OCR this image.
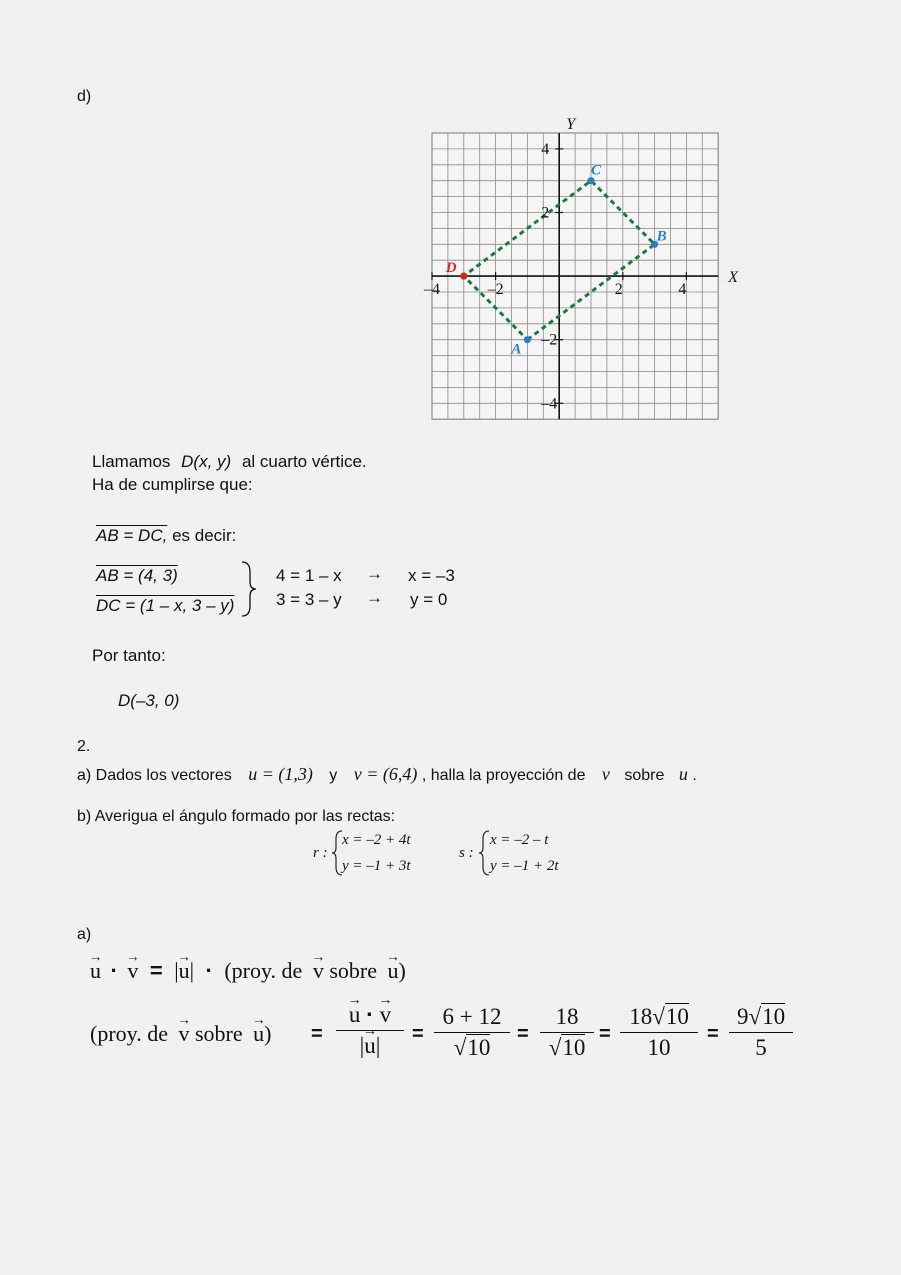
d)
X
Y
–4	–2	2	4
4
2
–2
–4
A
B
C
D
Llamamos D(x, y) al cuarto vértice.
Ha de cumplirse que:
AB = DC, es decir:
AB = (4, 3)
DC = (1 – x, 3 – y)
4 = 1 – x → x = –3
3 = 3 – y → y = 0
Por tanto:
D(–3, 0)
2.
a) Dados los vectores u = (1,3) y v = (6,4) , halla la proyección de v sobre u .
b) Averigua el ángulo formado por las rectas:
r :
x = –2 + 4t
y = –1 + 3t
s :
x = –2 – t
y = –1 + 2t
a)
→ u · → v = → |u| · (proy. de → v sobre → u)
(proy. de → v sobre → u) =
→ u · → v
→ |u|	=
6 + 12
√10
=
18
√10
=
18√10
10
=
9√10
5
